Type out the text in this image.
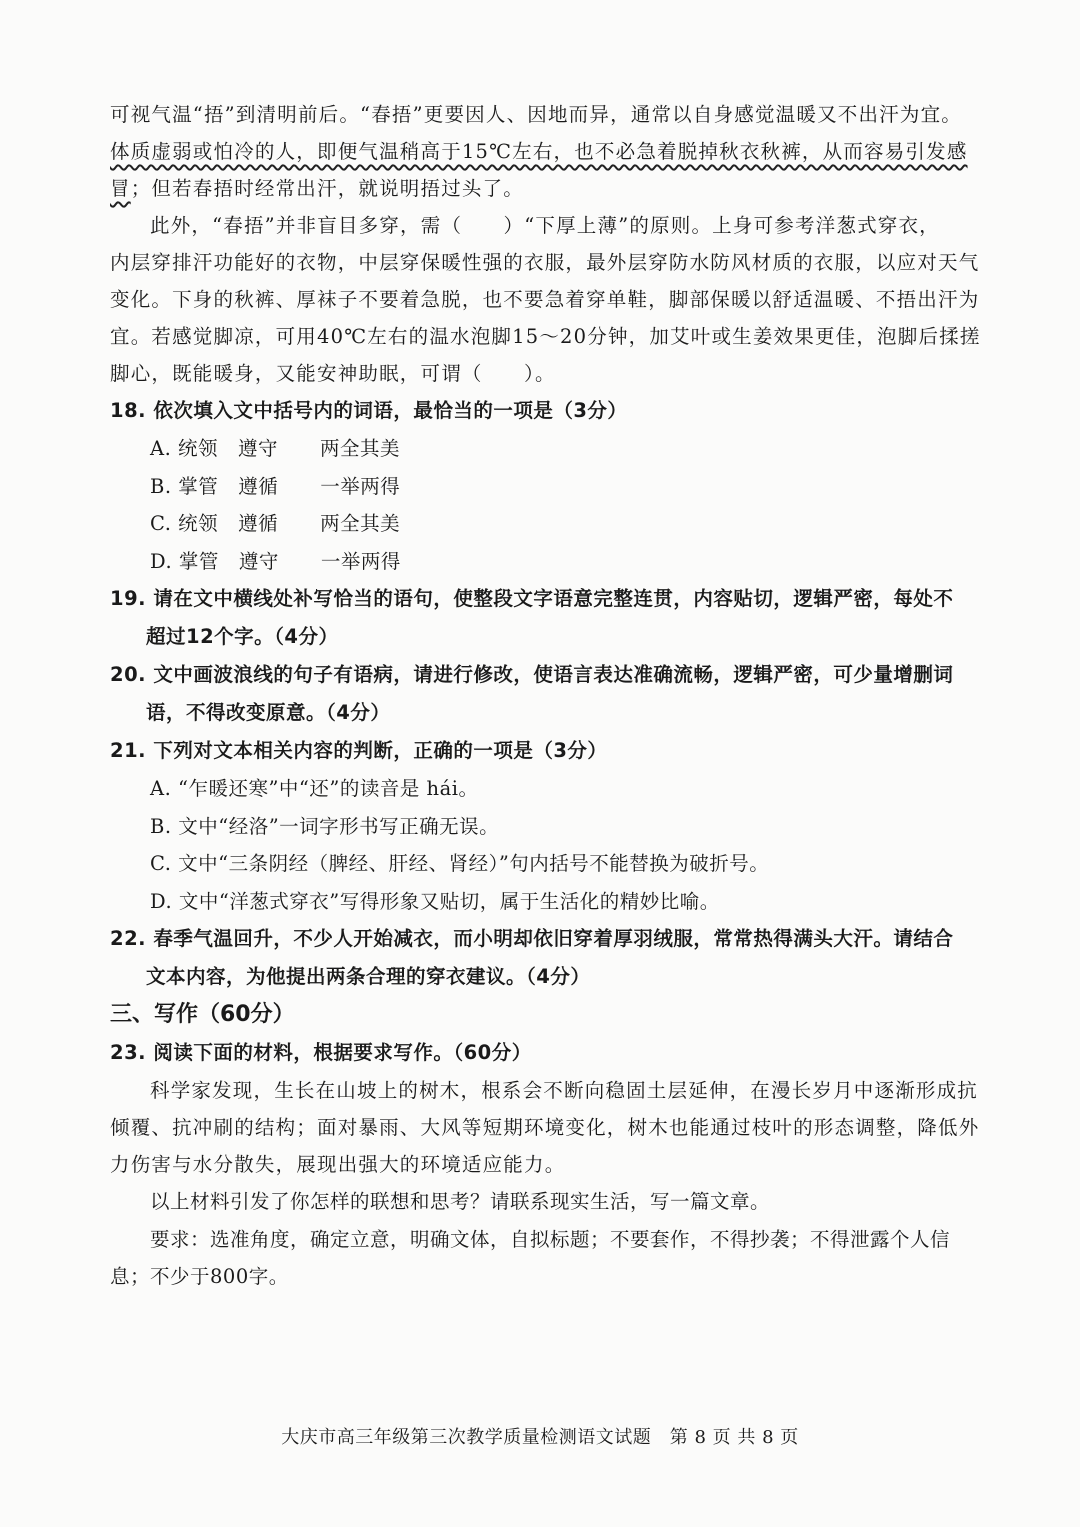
可视气温“捂”到清明前后。“春捂”更要因人、因地而异，通常以自身感觉温暖又不出汗为宜。
体质虚弱或怕冷的人，即便气温稍高于15℃左右，也不必急着脱掉秋衣秋裤，从而容易引发感
冒；但若春捂时经常出汗，就说明捂过头了。
此外，“春捂”并非盲目多穿，需（　　）“下厚上薄”的原则。上身可参考洋葱式穿衣，
内层穿排汗功能好的衣物，中层穿保暖性强的衣服，最外层穿防水防风材质的衣服，以应对天气
变化。下身的秋裤、厚袜子不要着急脱，也不要急着穿单鞋，脚部保暖以舒适温暖、不捂出汗为
宜。若感觉脚凉，可用40℃左右的温水泡脚15～20分钟，加艾叶或生姜效果更佳，泡脚后揉搓
脚心，既能暖身，又能安神助眠，可谓（　　）。
18. 依次填入文中括号内的词语，最恰当的一项是（3分）
A. 统领　 遵守　 两全其美
B. 掌管　 遵循　 一举两得
C. 统领　 遵循　 两全其美
D. 掌管　 遵守　 一举两得
19. 请在文中横线处补写恰当的语句，使整段文字语意完整连贯，内容贴切，逻辑严密，每处不
超过12个字。（4分）
20. 文中画波浪线的句子有语病，请进行修改，使语言表达准确流畅，逻辑严密，可少量增删词
语，不得改变原意。（4分）
21. 下列对文本相关内容的判断，正确的一项是（3分）
A. “乍暖还寒”中“还”的读音是 hái。
B. 文中“经洛”一词字形书写正确无误。
C. 文中“三条阴经（脾经、肝经、肾经）”句内括号不能替换为破折号。
D. 文中“洋葱式穿衣”写得形象又贴切，属于生活化的精妙比喻。
22. 春季气温回升，不少人开始减衣，而小明却依旧穿着厚羽绒服，常常热得满头大汗。请结合
文本内容，为他提出两条合理的穿衣建议。（4分）
三、写作（60分）
23. 阅读下面的材料，根据要求写作。（60分）
科学家发现，生长在山坡上的树木，根系会不断向稳固土层延伸，在漫长岁月中逐渐形成抗
倾覆、抗冲刷的结构；面对暴雨、大风等短期环境变化，树木也能通过枝叶的形态调整，降低外
力伤害与水分散失，展现出强大的环境适应能力。
以上材料引发了你怎样的联想和思考？请联系现实生活，写一篇文章。
要求：选准角度，确定立意，明确文体，自拟标题；不要套作，不得抄袭；不得泄露个人信
息；不少于800字。
大庆市高三年级第三次教学质量检测语文试题　第 8 页 共 8 页
